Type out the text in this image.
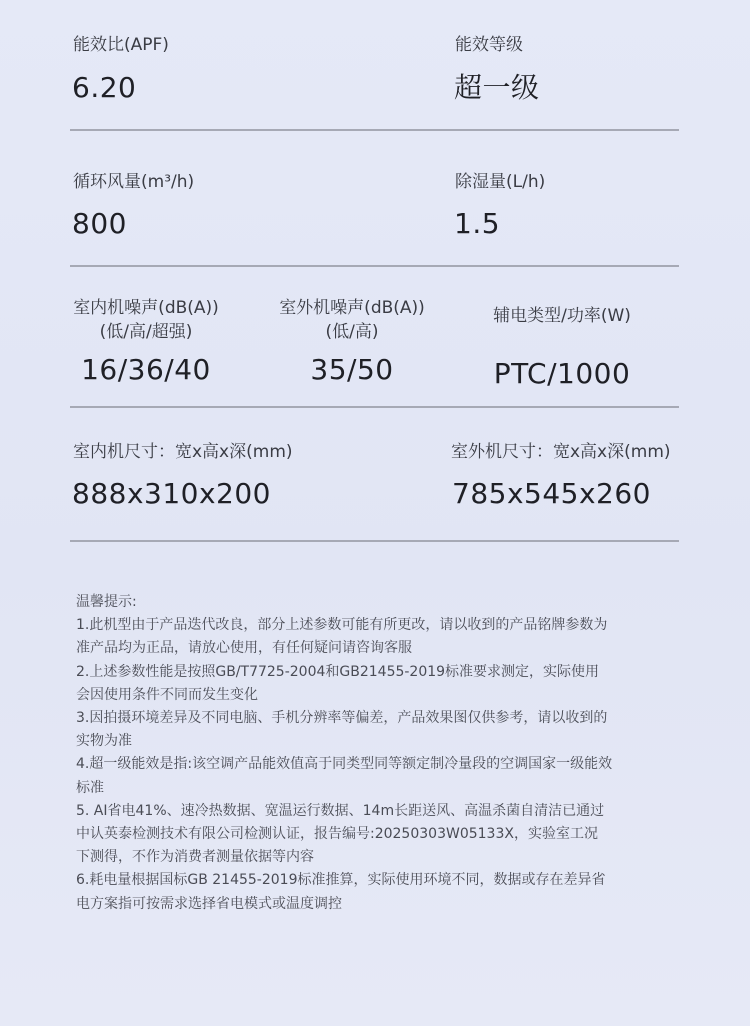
能效比(APF)
6.20
能效等级
超一级
循环风量(m³/h)
800
除湿量(L/h)
1.5
室内机噪声(dB(A))
(低/高/超强)
16/36/40
室外机噪声(dB(A))
(低/高)
35/50
辅电类型/功率(W)
PTC/1000
室内机尺寸：宽x高x深(mm)
888x310x200
室外机尺寸：宽x高x深(mm)
785x545x260

温馨提示:

1.此机型由于产品迭代改良，部分上述参数可能有所更改，请以收到的产品铭牌参数为

准产品均为正品，请放心使用，有任何疑问请咨询客服

2.上述参数性能是按照GB/T7725-2004和GB21455-2019标准要求测定，实际使用

会因使用条件不同而发生变化

3.因拍摄环境差异及不同电脑、手机分辨率等偏差，产品效果图仅供参考，请以收到的

实物为准

4.超一级能效是指:该空调产品能效值高于同类型同等额定制冷量段的空调国家一级能效

标准

5. AI省电41%、速冷热数据、宽温运行数据、14m长距送风、高温杀菌自清洁已通过

中认英泰检测技术有限公司检测认证，报告编号:20250303W05133X，实验室工况

下测得，不作为消费者测量依据等内容

6.耗电量根据国标GB 21455-2019标准推算，实际使用环境不同，数据或存在差异省

电方案指可按需求选择省电模式或温度调控
